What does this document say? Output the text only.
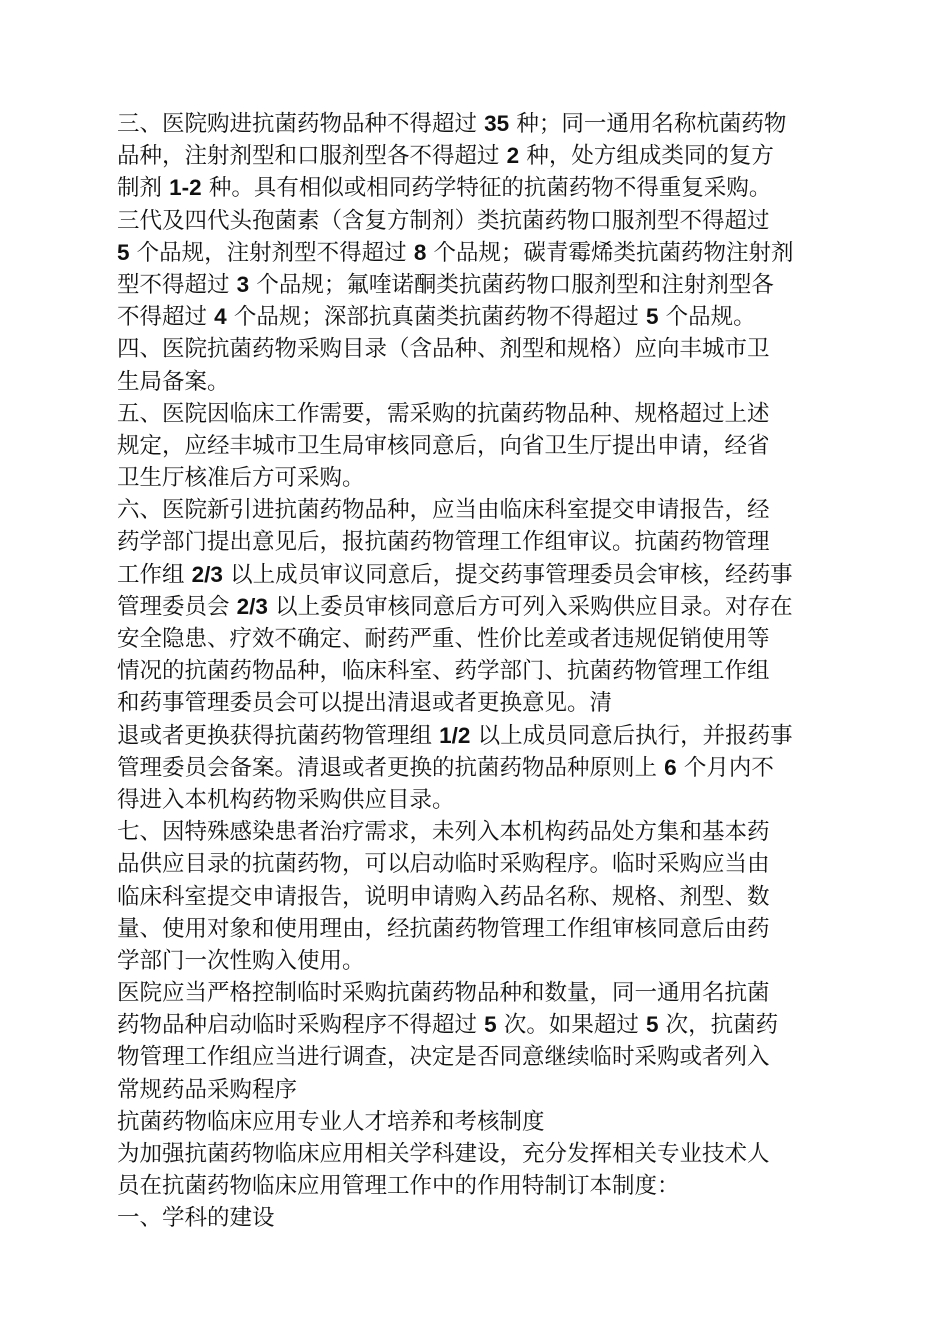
三、医院购进抗菌药物品种不得超过 35 种；同一通用名称杭菌药物
品种，注射剂型和口服剂型各不得超过 2 种，处方组成类同的复方
制剂 1-2 种。具有相似或相同药学特征的抗菌药物不得重复采购。
三代及四代头孢菌素（含复方制剂）类抗菌药物口服剂型不得超过
5 个品规，注射剂型不得超过 8 个品规；碳青霉烯类抗菌药物注射剂
型不得超过 3 个品规；氟喹诺酮类抗菌药物口服剂型和注射剂型各
不得超过 4 个品规；深部抗真菌类抗菌药物不得超过 5 个品规。
四、医院抗菌药物采购目录（含品种、剂型和规格）应向丰城市卫
生局备案。
五、医院因临床工作需要，需采购的抗菌药物品种、规格超过上述
规定，应经丰城市卫生局审核同意后，向省卫生厅提出申请，经省
卫生厅核准后方可采购。
六、医院新引进抗菌药物品种，应当由临床科室提交申请报告，经
药学部门提出意见后，报抗菌药物管理工作组审议。抗菌药物管理
工作组 2/3 以上成员审议同意后，提交药事管理委员会审核，经药事
管理委员会 2/3 以上委员审核同意后方可列入采购供应目录。对存在
安全隐患、疗效不确定、耐药严重、性价比差或者违规促销使用等
情况的抗菌药物品种，临床科室、药学部门、抗菌药物管理工作组
和药事管理委员会可以提出清退或者更换意见。清
退或者更换获得抗菌药物管理组 1/2 以上成员同意后执行，并报药事
管理委员会备案。清退或者更换的抗菌药物品种原则上 6 个月内不
得进入本机构药物采购供应目录。
七、因特殊感染患者治疗需求，未列入本机构药品处方集和基本药
品供应目录的抗菌药物，可以启动临时采购程序。临时采购应当由
临床科室提交申请报告，说明申请购入药品名称、规格、剂型、数
量、使用对象和使用理由，经抗菌药物管理工作组审核同意后由药
学部门一次性购入使用。
医院应当严格控制临时采购抗菌药物品种和数量，同一通用名抗菌
药物品种启动临时采购程序不得超过 5 次。如果超过 5 次，抗菌药
物管理工作组应当进行调查，决定是否同意继续临时采购或者列入
常规药品采购程序
抗菌药物临床应用专业人才培养和考核制度
为加强抗菌药物临床应用相关学科建设，充分发挥相关专业技术人
员在抗菌药物临床应用管理工作中的作用特制订本制度：
一、学科的建设
